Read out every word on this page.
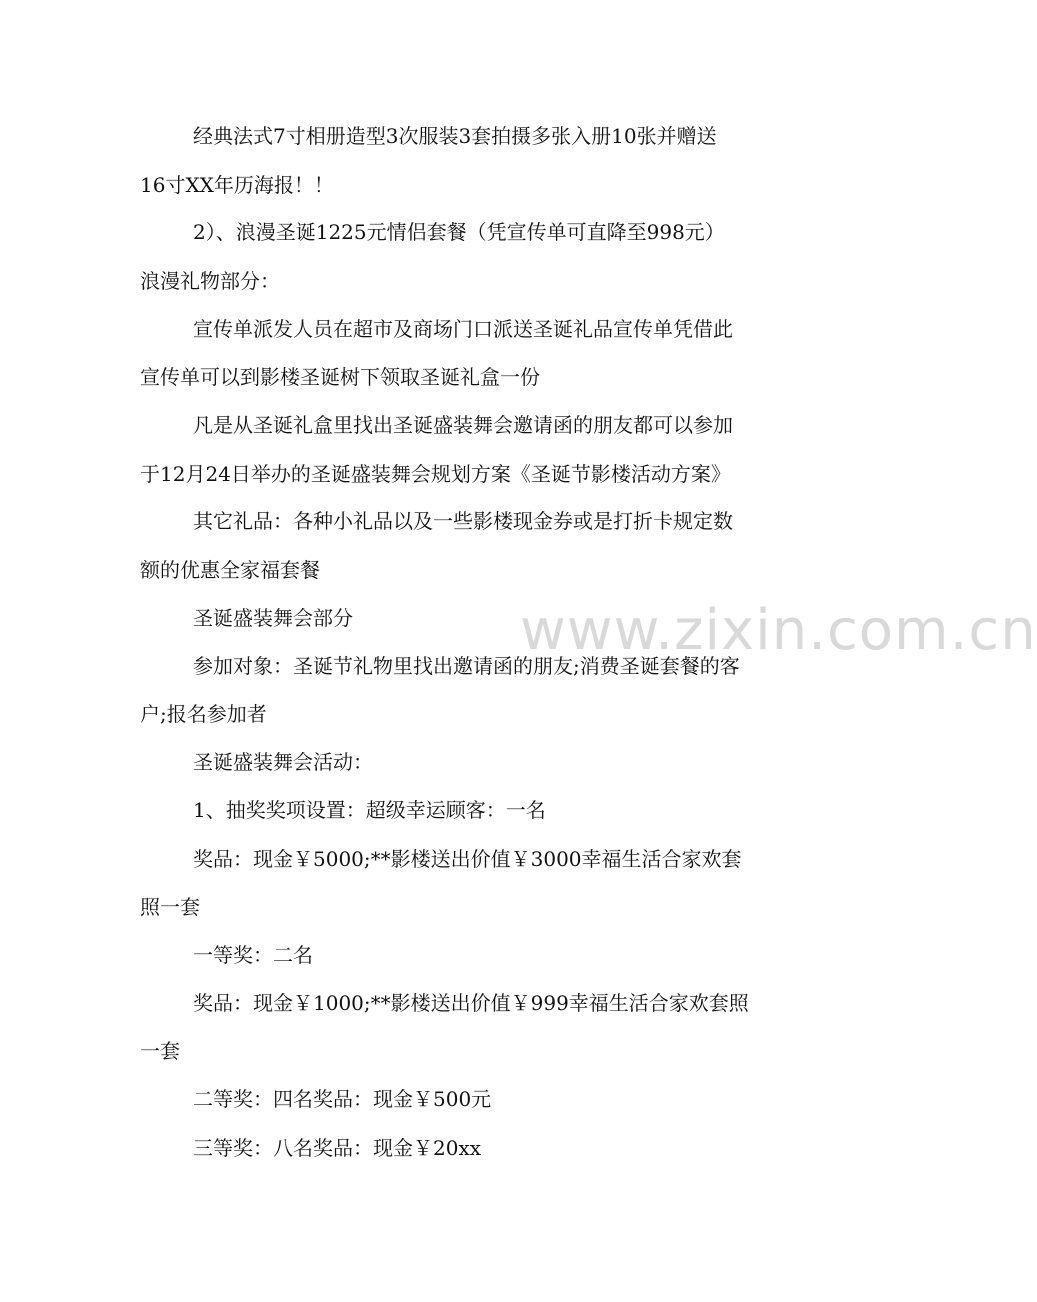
www.zixin.com.cn
经典法式7寸相册造型3次服装3套拍摄多张入册10张并赠送
16寸XX年历海报！！
2）、浪漫圣诞1225元情侣套餐（凭宣传单可直降至998元）
浪漫礼物部分：
宣传单派发人员在超市及商场门口派送圣诞礼品宣传单凭借此
宣传单可以到影楼圣诞树下领取圣诞礼盒一份
凡是从圣诞礼盒里找出圣诞盛装舞会邀请函的朋友都可以参加
于12月24日举办的圣诞盛装舞会规划方案《圣诞节影楼活动方案》
其它礼品：各种小礼品以及一些影楼现金券或是打折卡规定数
额的优惠全家福套餐
圣诞盛装舞会部分
参加对象：圣诞节礼物里找出邀请函的朋友;消费圣诞套餐的客
户;报名参加者
圣诞盛装舞会活动：
1、抽奖奖项设置：超级幸运顾客：一名
奖品：现金￥5000;**影楼送出价值￥3000幸福生活合家欢套
照一套
一等奖：二名
奖品：现金￥1000;**影楼送出价值￥999幸福生活合家欢套照
一套
二等奖：四名奖品：现金￥500元
三等奖：八名奖品：现金￥20xx
